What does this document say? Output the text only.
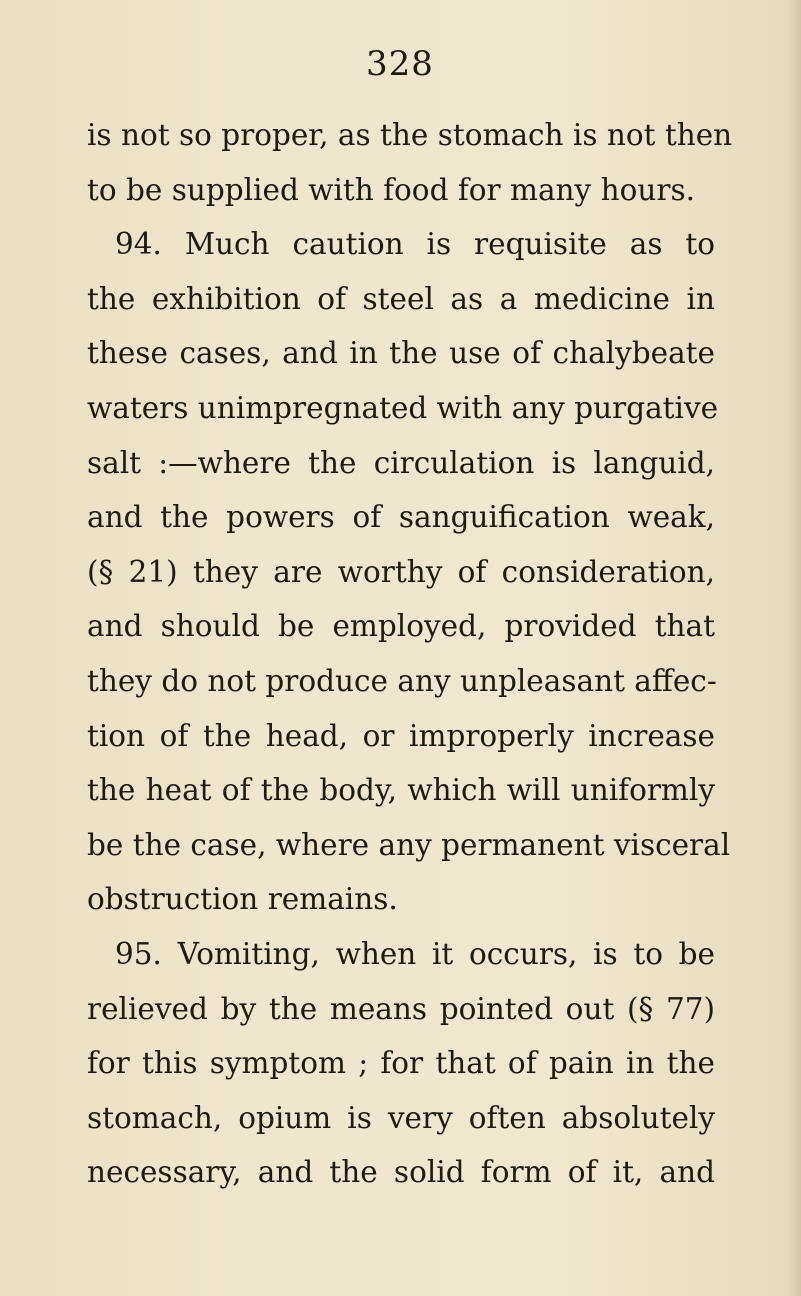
328
is not so proper, as the stomach is not then
to be supplied with food for many hours.
94. Much caution is requisite as to
the exhibition of steel as a medicine in
these cases, and in the use of chalybeate
waters unimpregnated with any purgative
salt :—where the circulation is languid,
and the powers of sanguification weak,
(§ 21) they are worthy of consideration,
and should be employed, provided that
they do not produce any unpleasant affec-
tion of the head, or improperly increase
the heat of the body, which will uniformly
be the case, where any permanent visceral
obstruction remains.
95. Vomiting, when it occurs, is to be
relieved by the means pointed out (§ 77)
for this symptom ; for that of pain in the
stomach, opium is very often absolutely
necessary, and the solid form of it, and
